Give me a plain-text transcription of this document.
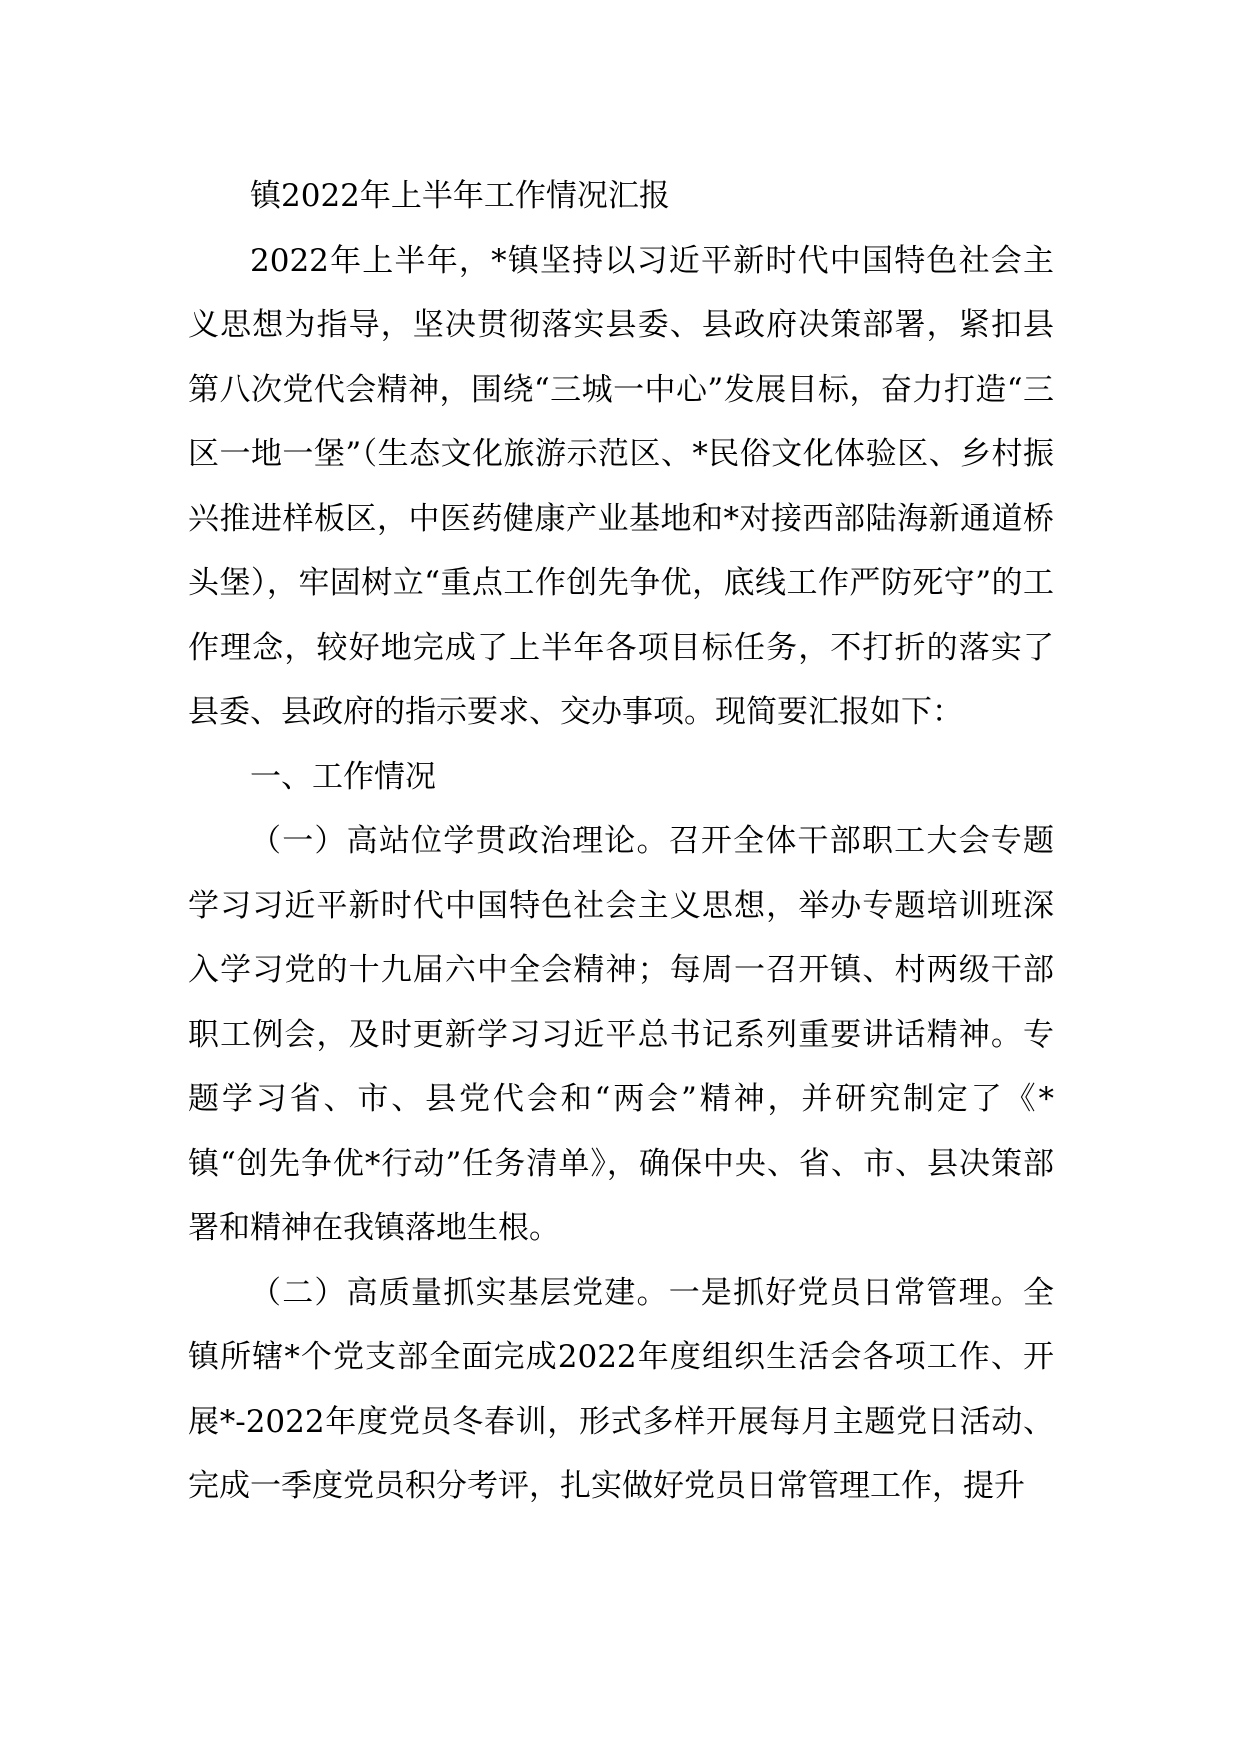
镇2022年上半年工作情况汇报

2022年上半年，*镇坚持以习近平新时代中国特色社会主义思想为指导，坚决贯彻落实县委、县政府决策部署，紧扣县第八次党代会精神，围绕“三城一中心”发展目标，奋力打造“三区一地一堡”（生态文化旅游示范区、*民俗文化体验区、乡村振兴推进样板区，中医药健康产业基地和*对接西部陆海新通道桥头堡），牢固树立“重点工作创先争优，底线工作严防死守”的工作理念，较好地完成了上半年各项目标任务，不打折的落实了县委、县政府的指示要求、交办事项。现简要汇报如下：

一、工作情况

（一）高站位学贯政治理论。召开全体干部职工大会专题学习习近平新时代中国特色社会主义思想，举办专题培训班深入学习党的十九届六中全会精神；每周一召开镇、村两级干部职工例会，及时更新学习习近平总书记系列重要讲话精神。专题学习省、市、县党代会和“两会”精神，并研究制定了《*镇“创先争优*行动”任务清单》，确保中央、省、市、县决策部署和精神在我镇落地生根。

（二）高质量抓实基层党建。一是抓好党员日常管理。全镇所辖*个党支部全面完成2022年度组织生活会各项工作、开展*-2022年度党员冬春训，形式多样开展每月主题党日活动、完成一季度党员积分考评，扎实做好党员日常管理工作，提升
